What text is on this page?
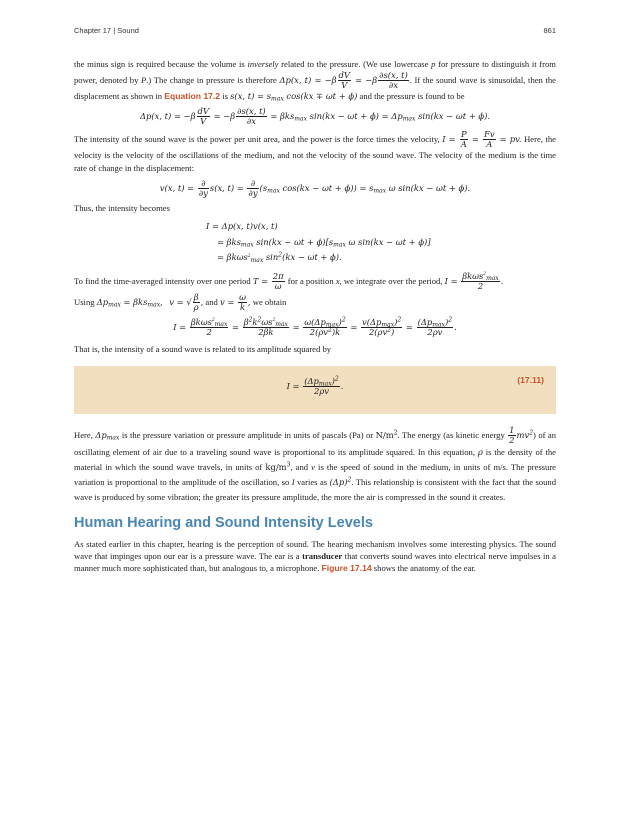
Chapter 17 | Sound	861

the minus sign is required because the volume is inversely related to the pressure. (We use lowercase p for pressure to distinguish it from power, denoted by P.) The change in pressure is therefore Δp(x, $t) = -\beta \frac{dV}{V} = -\beta \frac{\partial s(x, t)}{\partial x}$ . If the sound wave is sinusoidal, then the displacement as shown in Equation 17.2 is s(x, $t) = s_{max}$ cos(kx ∓ ωt + ϕ) and the pressure is found to be

Δp(x, $t) = -\beta \frac{dV}{V} = -\beta \frac{\partial s(x, t)}{\partial x} = \beta ks_{max}$ $\sin(kx - \omega t + \phi) = \Delta p_{max}$ sin(kx − ωt + ϕ).

The intensity of the sound wave is the power per unit area, and the power is the force times the velocity, $I = \frac{P}{A} = \frac{Fv}{A}$ = pv. Here, the velocity is the velocity of the oscillations of the medium, and not the velocity of the sound wave. The velocity of the medium is the time rate of change in the displacement:

v(x, $t) = \frac{\partial}{\partial y} s(x$, $t) = \frac{\partial}{\partial y} (s_{max}$ $\cos(kx - \omega t + \phi)) = s_{max}$ ω sin(kx − ωt + ϕ).

Thus, the intensity becomes

I = Δp(x, t)v(x, t)
= βks$_{max}$ $\sin(kx - \omega t + \phi)[s_{max}$ ω sin(kx − ωt + ϕ)]
= βkωs$_{^2max}$ $\sin^2(kx - \omega t + \phi)$.

To find the time-averaged intensity over one period $T = \frac{2\pi}{\omega}$ for a position x, we integrate over the period, $I = \frac{\beta k\omega s_{^2max}}{2}$ .

Using $\Delta p_{max} = \beta ks_{max}$, v = √ $\frac{\beta}{\rho}$ , and $v = \frac{\omega}{k}$ , we obtain

$I = \frac{\beta k\omega s_{^2max}}{2} = \frac{\beta^2k^2\omega s_{^2max}}{2\beta k} = \frac{\omega(\Delta p_{max})^2}{2(\rho v^2)k} = \frac{v(\Delta p_{max})^2}{2(\rho v^2)} = \frac{(\Delta p_{max})^2}{2\rho v}$ .

That is, the intensity of a sound wave is related to its amplitude squared by

$I = \frac{(\Delta p_{max})^2}{2\rho v}$ .
(17.11)

Here, $\Delta p_{max}$ is the pressure variation or pressure amplitude in units of pascals (Pa) or $N/m^2$. The energy (as kinetic energy $\frac{1}{2} mv^2$) of an oscillating element of air due to a traveling sound wave is proportional to its amplitude squared. In this equation, ρ is the density of the material in which the sound wave travels, in units of $kg/m^3$, and v is the speed of sound in the medium, in units of m/s. The pressure variation is proportional to the amplitude of the oscillation, so I varies as $(\Delta p)^2$. This relationship is consistent with the fact that the sound wave is produced by some vibration; the greater its pressure amplitude, the more the air is compressed in the sound it creates.

Human Hearing and Sound Intensity Levels

As stated earlier in this chapter, hearing is the perception of sound. The hearing mechanism involves some interesting physics. The sound wave that impinges upon our ear is a pressure wave. The ear is a transducer that converts sound waves into electrical nerve impulses in a manner much more sophisticated than, but analogous to, a microphone. Figure 17.14 shows the anatomy of the ear.
